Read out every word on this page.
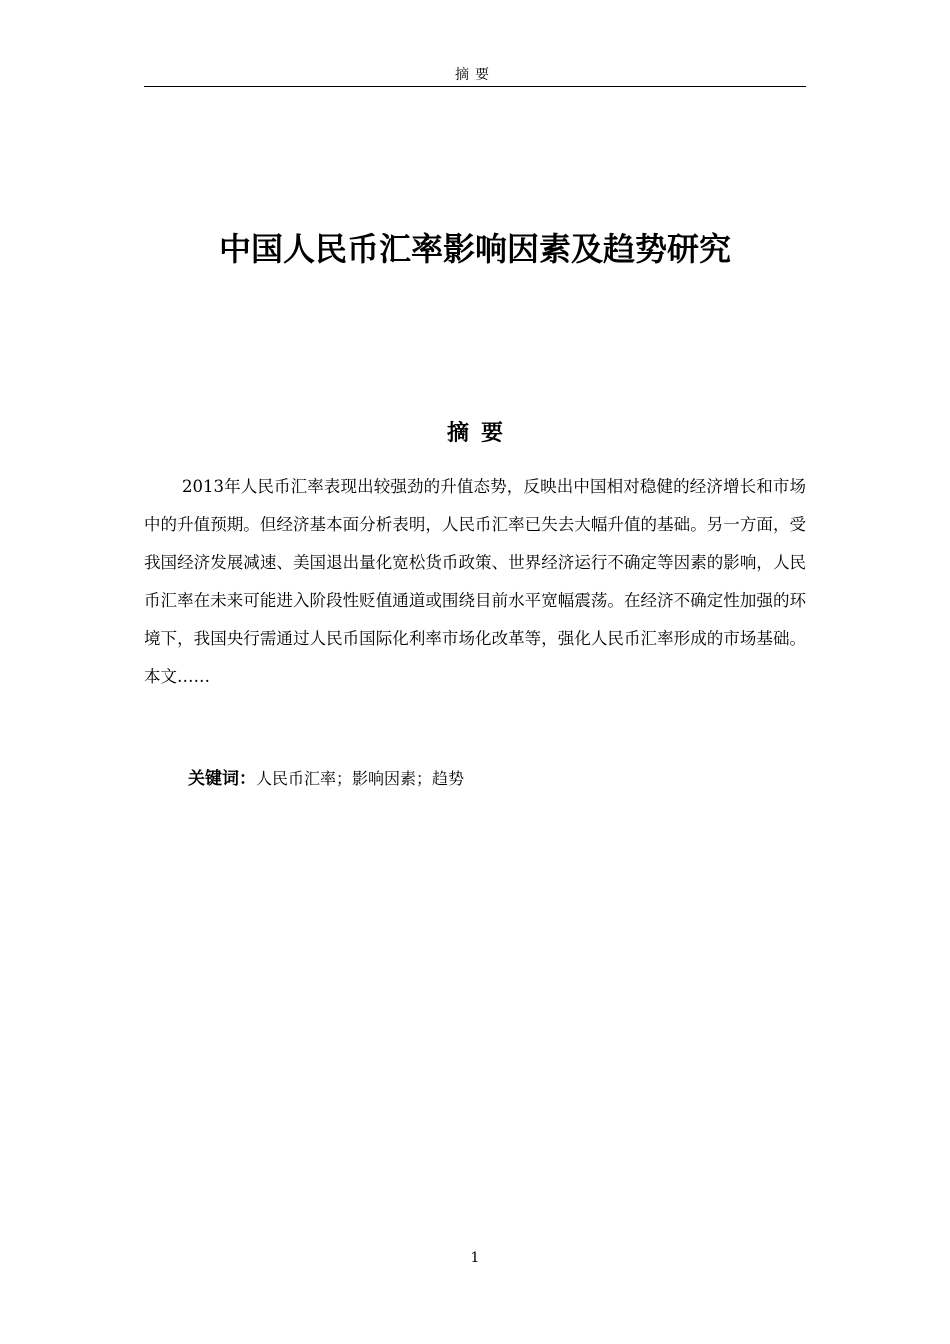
摘要
中国人民币汇率影响因素及趋势研究
摘要

2013年人民币汇率表现出较强劲的升值态势，反映出中国相对稳健的经济增长和市场中的升值预期。但经济基本面分析表明，人民币汇率已失去大幅升值的基础。另一方面，受我国经济发展减速、美国退出量化宽松货币政策、世界经济运行不确定等因素的影响，人民币汇率在未来可能进入阶段性贬值通道或围绕目前水平宽幅震荡。在经济不确定性加强的环境下，我国央行需通过人民币国际化利率市场化改革等，强化人民币汇率形成的市场基础。本文……

关键词：人民币汇率；影响因素；趋势

1
